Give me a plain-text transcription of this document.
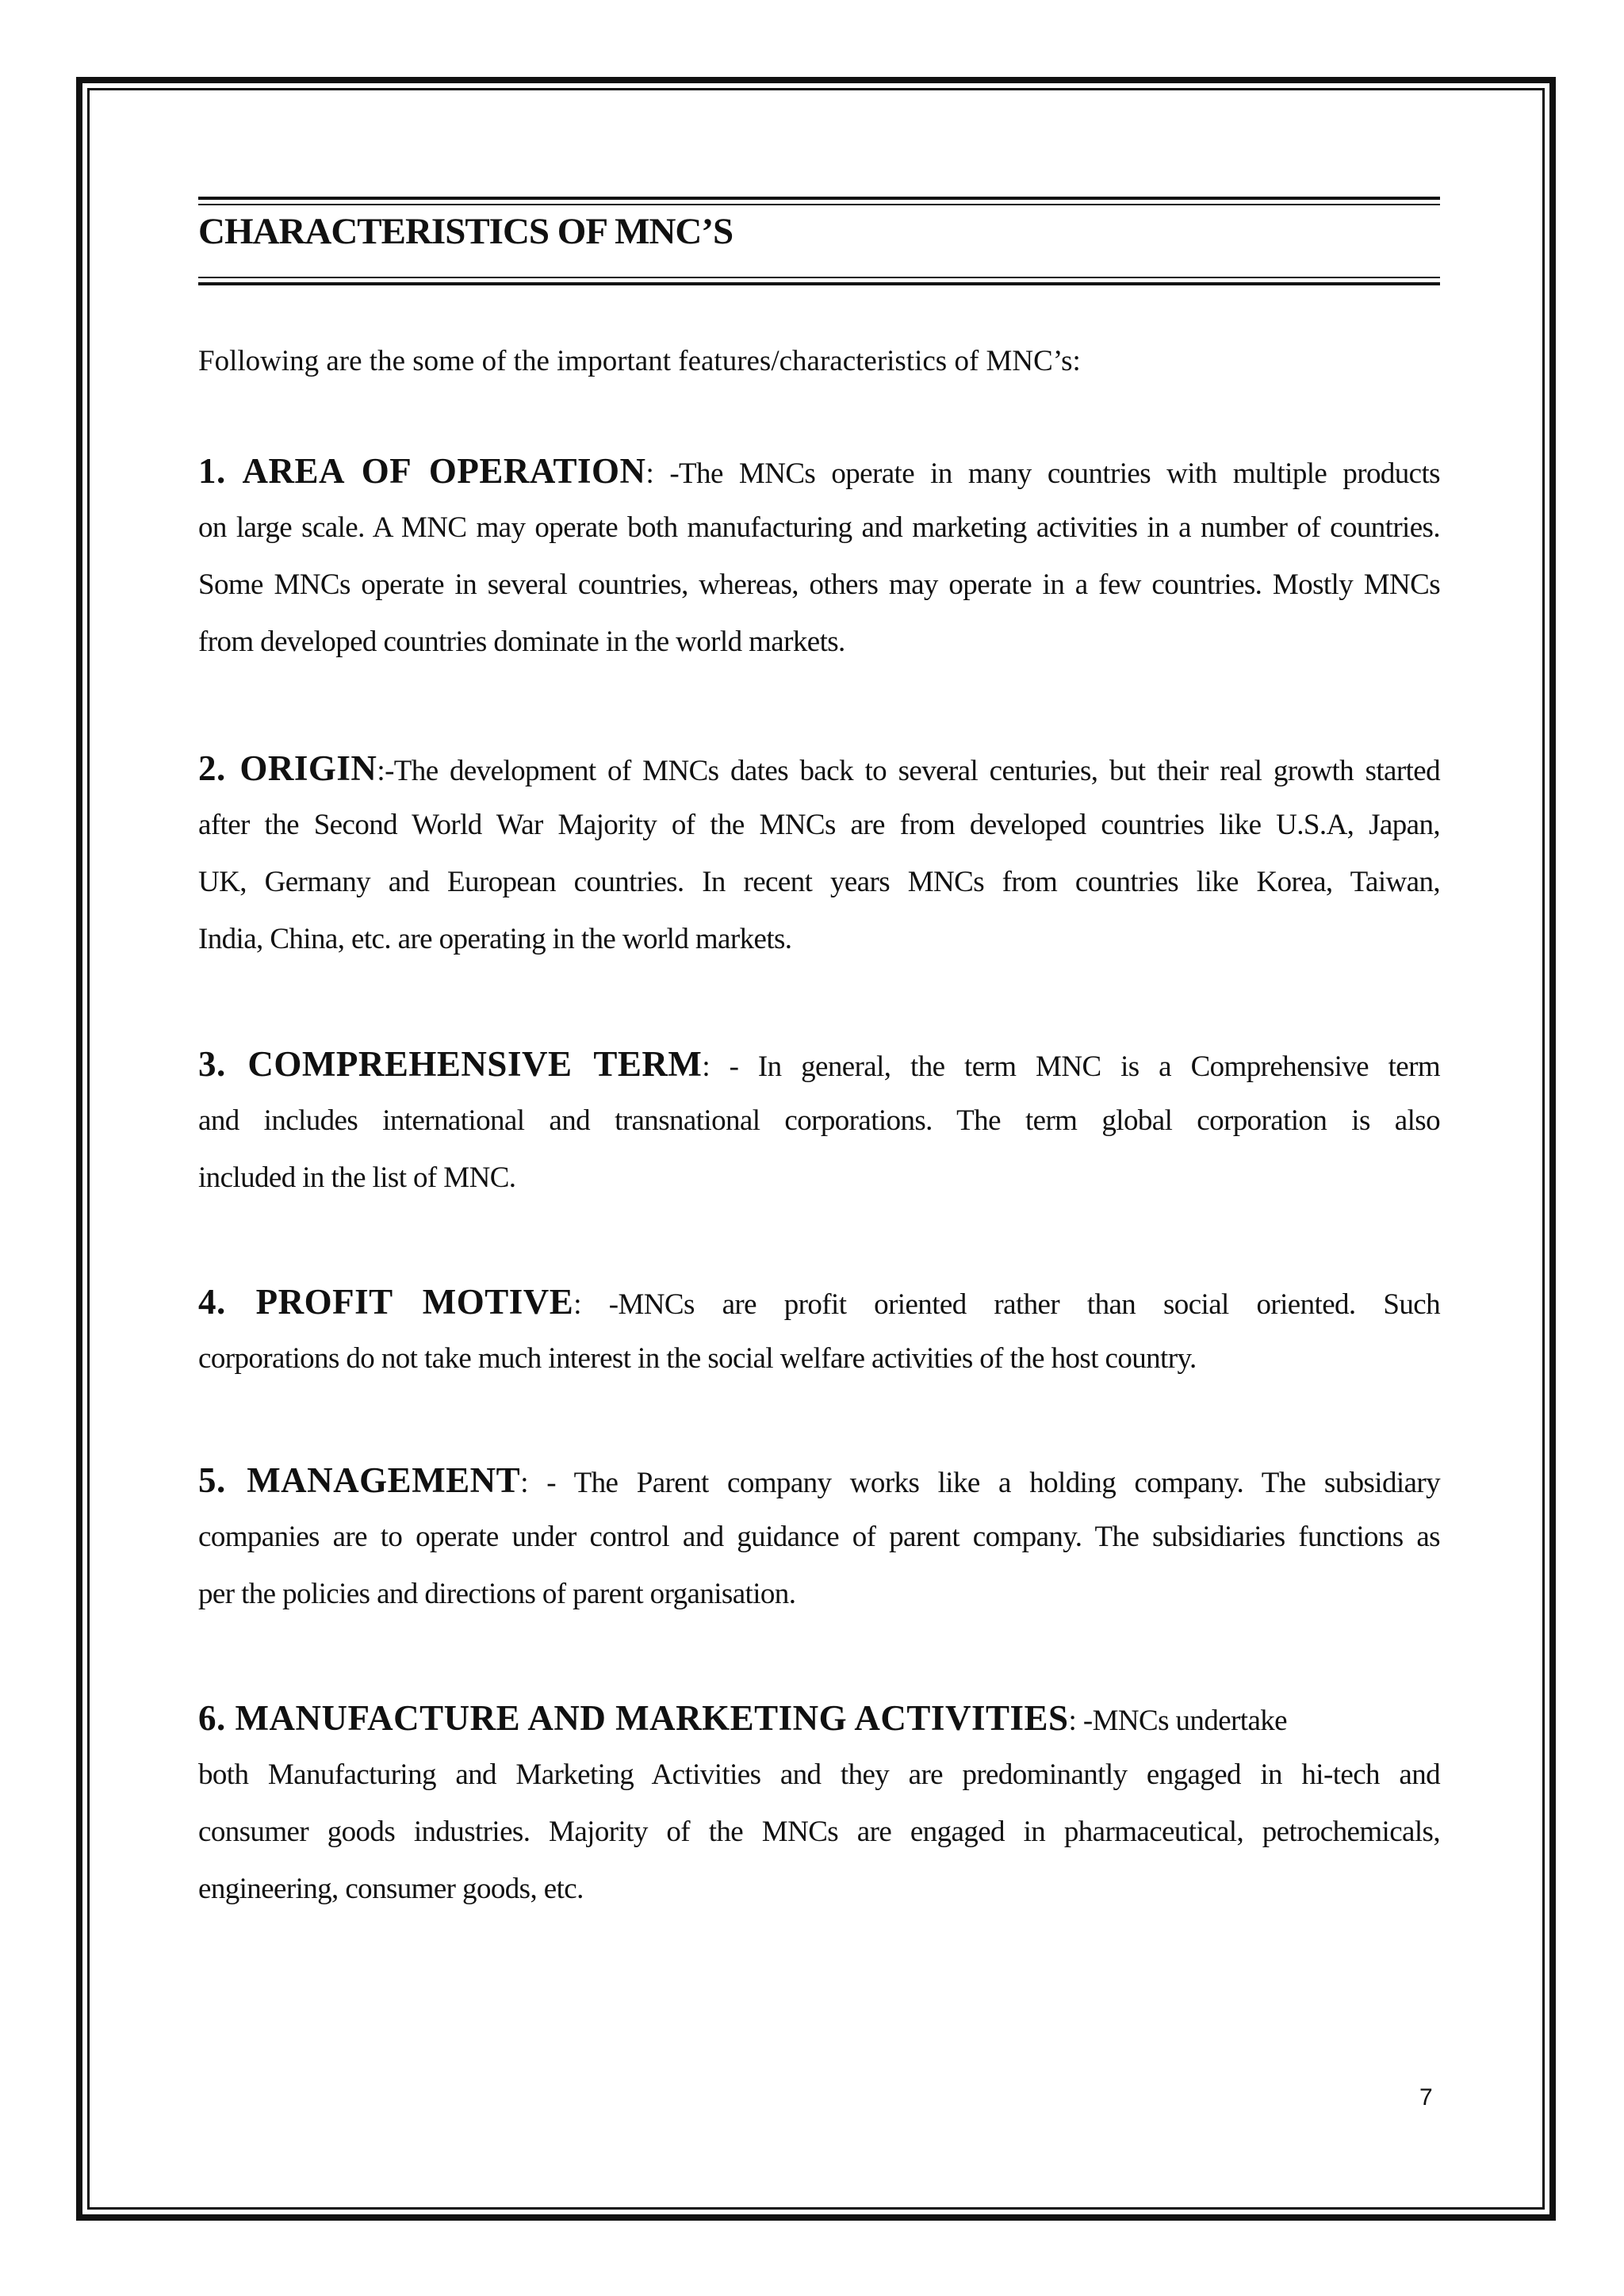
CHARACTERISTICS OF MNC’S

Following are the some of the important features/characteristics of MNC’s:

1. AREA OF OPERATION: -The MNCs operate in many countries with multiple products
on large scale. A MNC may operate both manufacturing and marketing activities in a number of countries.
Some MNCs operate in several countries, whereas, others may operate in a few countries. Mostly MNCs
from developed countries dominate in the world markets.
2. ORIGIN:-The development of MNCs dates back to several centuries, but their real growth started
after the Second World War Majority of the MNCs are from developed countries like U.S.A, Japan,
UK, Germany and European countries. In recent years MNCs from countries like Korea, Taiwan,
India, China, etc. are operating in the world markets.
3. COMPREHENSIVE TERM: - In general, the term MNC is a Comprehensive term
and includes international and transnational corporations. The term global corporation is also
included in the list of MNC.
4. PROFIT MOTIVE: -MNCs are profit oriented rather than social oriented. Such
corporations do not take much interest in the social welfare activities of the host country.
5. MANAGEMENT: - The Parent company works like a holding company. The subsidiary
companies are to operate under control and guidance of parent company. The subsidiaries functions as
per the policies and directions of parent organisation.
6. MANUFACTURE AND MARKETING ACTIVITIES: -MNCs undertake
both Manufacturing and Marketing Activities and they are predominantly engaged in hi-tech and
consumer goods industries. Majority of the MNCs are engaged in pharmaceutical, petrochemicals,
engineering, consumer goods, etc.
7
